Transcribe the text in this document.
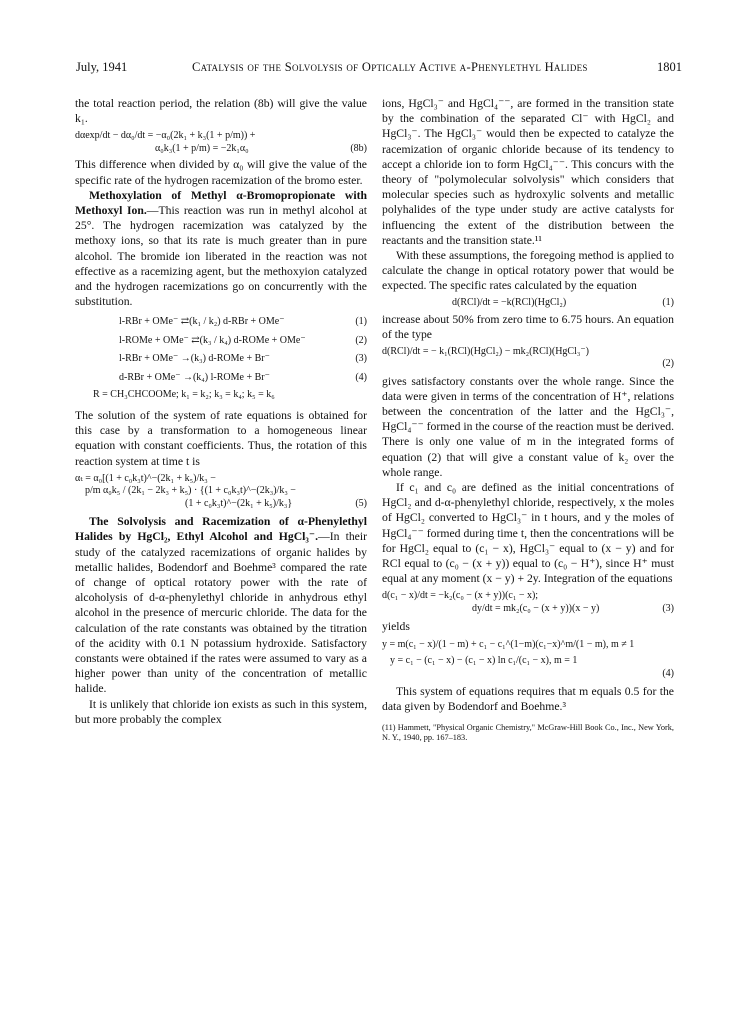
July, 1941	Catalysis of the Solvolysis of Optically Active α-Phenylethyl Halides	1801

the total reaction period, the relation (8b) will give the value k₁.

dαexp/dt − dα₀/dt = −α₀(2k₁ + k₃(1 + p/m)) +
α₀k₃(1 + p/m) = −2k₁α₀	(8b)

This difference when divided by α₀ will give the value of the specific rate of the hydrogen racemization of the bromo ester.

Methoxylation of Methyl α-Bromopropionate with Methoxyl Ion.—This reaction was run in methyl alcohol at 25°. The hydrogen racemization was catalyzed by the methoxy ions, so that its rate is much greater than in pure alcohol. The bromide ion liberated in the reaction was not effective as a racemizing agent, but the methoxyion catalyzed and the hydrogen racemizations go on concurrently with the substitution.

l-RBr + OMe⁻ ⇄(k₁ / k₂) d-RBr + OMe⁻	(1)
l-ROMe + OMe⁻ ⇄(k₃ / k₄) d-ROMe + OMe⁻	(2)
l-RBr + OMe⁻ →(k₃) d-ROMe + Br⁻	(3)
d-RBr + OMe⁻ →(k₄) l-ROMe + Br⁻	(4)
R = CH₃CHCOOMe; k₁ = k₂; k₃ = k₄; k₅ = k₆

The solution of the system of rate equations is obtained for this case by a transformation to a homogeneous linear equation with constant coefficients. Thus, the rotation of this reaction system at time t is

αₜ = α₀[(1 + c₀k₃t)^−(2k₁ + k₅)/k₃ −
p/m α₀k₅ / (2k₁ − 2k₃ + k₅) · {(1 + c₀k₃t)^−(2k₃)/k₃ −
(1 + c₀k₃t)^−(2k₁ + k₅)/k₃}	(5)

The Solvolysis and Racemization of α-Phenylethyl Halides by HgCl₂, Ethyl Alcohol and HgCl₃⁻.—In their study of the catalyzed racemizations of organic halides by metallic halides, Bodendorf and Boehme³ compared the rate of change of optical rotatory power with the rate of alcoholysis of d-α-phenylethyl chloride in anhydrous ethyl alcohol in the presence of mercuric chloride. The data for the calculation of the rate constants was obtained by the titration of the acidity with 0.1 N potassium hydroxide. Satisfactory constants were obtained if the rates were assumed to vary as a higher power than unity of the concentration of metallic halide.

It is unlikely that chloride ion exists as such in this system, but more probably the complex

ions, HgCl₃⁻ and HgCl₄⁻⁻, are formed in the transition state by the combination of the separated Cl⁻ with HgCl₂ and HgCl₃⁻. The HgCl₃⁻ would then be expected to catalyze the racemization of organic chloride because of its tendency to accept a chloride ion to form HgCl₄⁻⁻. This concurs with the theory of "polymolecular solvolysis" which considers that molecular species such as hydroxylic solvents and metallic polyhalides of the type under study are active catalysts for influencing the extent of the distribution between the reactants and the transition state.¹¹

With these assumptions, the foregoing method is applied to calculate the change in optical rotatory power that would be expected. The specific rates calculated by the equation

d(RCl)/dt = −k(RCl)(HgCl₂)	(1)

increase about 50% from zero time to 6.75 hours. An equation of the type

d(RCl)/dt = − k₁(RCl)(HgCl₂) − mk₂(RCl)(HgCl₃⁻)
(2)

gives satisfactory constants over the whole range. Since the data were given in terms of the concentration of H⁺, relations between the concentration of the latter and the HgCl₃⁻, HgCl₄⁻⁻ formed in the course of the reaction must be derived. There is only one value of m in the integrated forms of equation (2) that will give a constant value of k₂ over the whole range.

If c₁ and c₀ are defined as the initial concentrations of HgCl₂ and d-α-phenylethyl chloride, respectively, x the moles of HgCl₂ converted to HgCl₃⁻ in t hours, and y the moles of HgCl₄⁻⁻ formed during time t, then the concentrations will be for HgCl₂ equal to (c₁ − x), HgCl₃⁻ equal to (x − y) and for RCl equal to (c₀ − (x + y)) equal to (c₀ − H⁺), since H⁺ must equal at any moment (x − y) + 2y. Integration of the equations

d(c₁ − x)/dt = −k₂(c₀ − (x + y))(c₁ − x);
dy/dt = mk₂(c₀ − (x + y))(x − y)	(3)

yields

y = m(c₁ − x)/(1 − m) + c₁ − c₁^(1−m)(c₁−x)^m/(1 − m), m ≠ 1
y = c₁ − (c₁ − x) − (c₁ − x) ln c₁/(c₁ − x), m = 1
(4)

This system of equations requires that m equals 0.5 for the data given by Bodendorf and Boehme.³

(11) Hammett, "Physical Organic Chemistry," McGraw-Hill Book Co., Inc., New York, N. Y., 1940, pp. 167–183.
